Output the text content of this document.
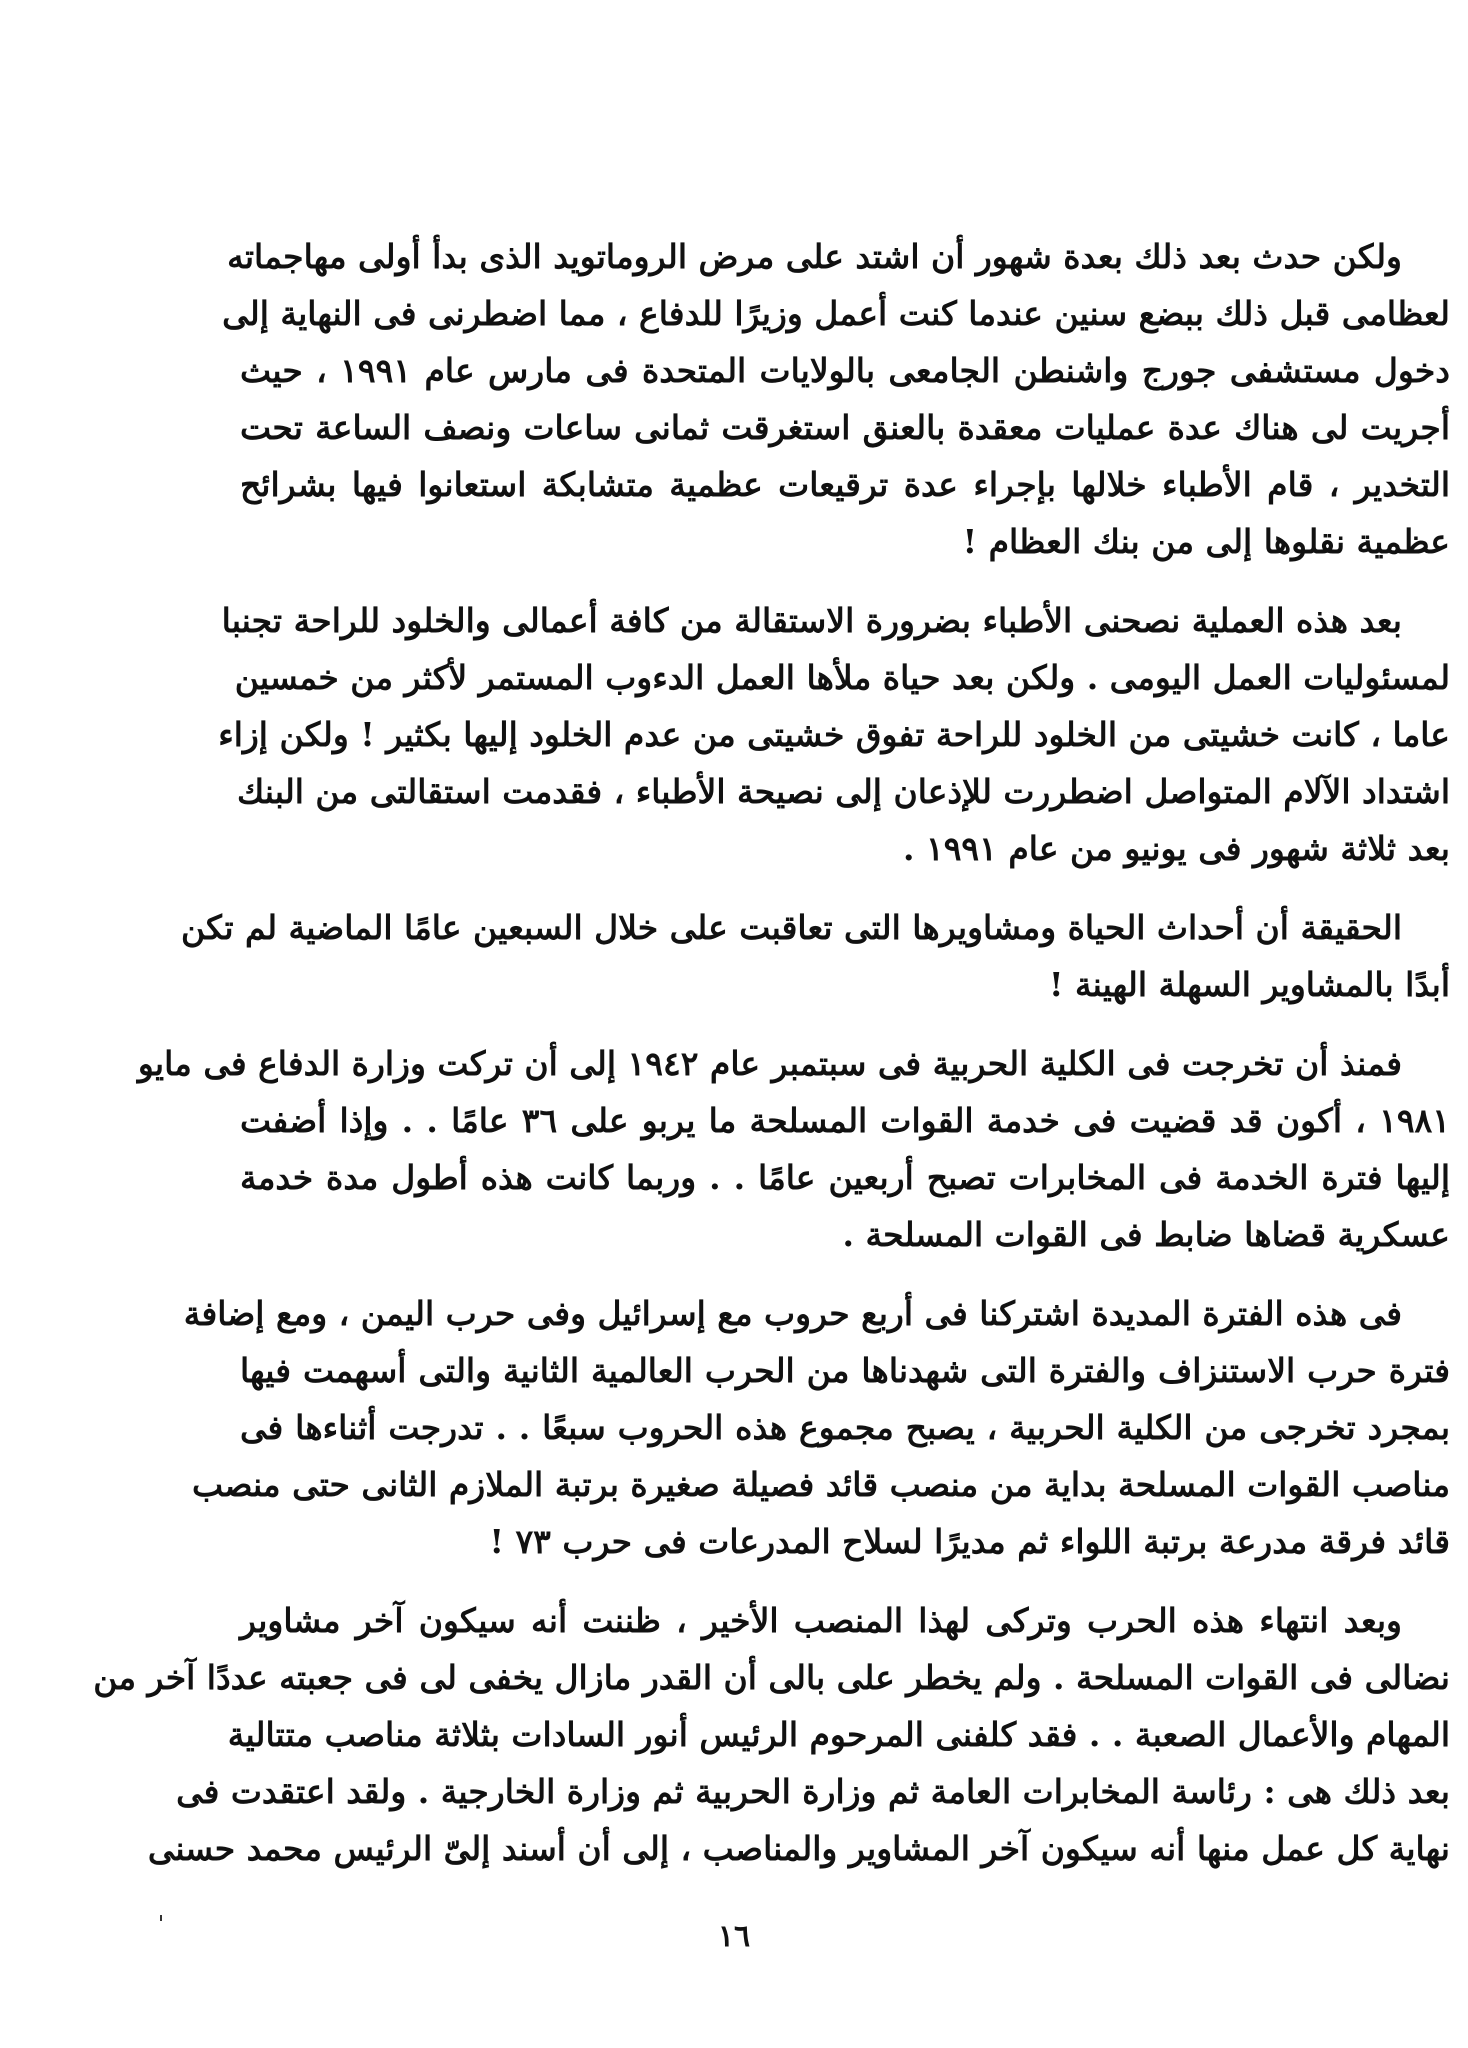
ولكن حدث بعد ذلك بعدة شهور أن اشتد على مرض الروماتويد الذى بدأ أولى مهاجماته
لعظامى قبل ذلك ببضع سنين عندما كنت أعمل وزيرًا للدفاع ، مما اضطرنى فى النهاية إلى
دخول مستشفى جورج واشنطن الجامعى بالولايات المتحدة فى مارس عام ١٩٩١ ، حيث
أجريت لى هناك عدة عمليات معقدة بالعنق استغرقت ثمانى ساعات ونصف الساعة تحت
التخدير ، قام الأطباء خلالها بإجراء عدة ترقيعات عظمية متشابكة استعانوا فيها بشرائح
عظمية نقلوها إلى من بنك العظام !
بعد هذه العملية نصحنى الأطباء بضرورة الاستقالة من كافة أعمالى والخلود للراحة تجنبا
لمسئوليات العمل اليومى . ولكن بعد حياة ملأها العمل الدءوب المستمر لأكثر من خمسين
عاما ، كانت خشيتى من الخلود للراحة تفوق خشيتى من عدم الخلود إليها بكثير ! ولكن إزاء
اشتداد الآلام المتواصل اضطررت للإذعان إلى نصيحة الأطباء ، فقدمت استقالتى من البنك
بعد ثلاثة شهور فى يونيو من عام ١٩٩١ .
الحقيقة أن أحداث الحياة ومشاويرها التى تعاقبت على خلال السبعين عامًا الماضية لم تكن
أبدًا بالمشاوير السهلة الهينة !
فمنذ أن تخرجت فى الكلية الحربية فى سبتمبر عام ١٩٤٢ إلى أن تركت وزارة الدفاع فى مايو
١٩٨١ ، أكون قد قضيت فى خدمة القوات المسلحة ما يربو على ٣٦ عامًا . . وإذا أضفت
إليها فترة الخدمة فى المخابرات تصبح أربعين عامًا . . وربما كانت هذه أطول مدة خدمة
عسكرية قضاها ضابط فى القوات المسلحة .
فى هذه الفترة المديدة اشتركنا فى أربع حروب مع إسرائيل وفى حرب اليمن ، ومع إضافة
فترة حرب الاستنزاف والفترة التى شهدناها من الحرب العالمية الثانية والتى أسهمت فيها
بمجرد تخرجى من الكلية الحربية ، يصبح مجموع هذه الحروب سبعًا . . تدرجت أثناءها فى
مناصب القوات المسلحة بداية من منصب قائد فصيلة صغيرة برتبة الملازم الثانى حتى منصب
قائد فرقة مدرعة برتبة اللواء ثم مديرًا لسلاح المدرعات فى حرب ٧٣ !
وبعد انتهاء هذه الحرب وتركى لهذا المنصب الأخير ، ظننت أنه سيكون آخر مشاوير
نضالى فى القوات المسلحة . ولم يخطر على بالى أن القدر مازال يخفى لى فى جعبته عددًا آخر من
المهام والأعمال الصعبة . . فقد كلفنى المرحوم الرئيس أنور السادات بثلاثة مناصب متتالية
بعد ذلك هى : رئاسة المخابرات العامة ثم وزارة الحربية ثم وزارة الخارجية . ولقد اعتقدت فى
نهاية كل عمل منها أنه سيكون آخر المشاوير والمناصب ، إلى أن أسند إلىّ الرئيس محمد حسنى
١٦
